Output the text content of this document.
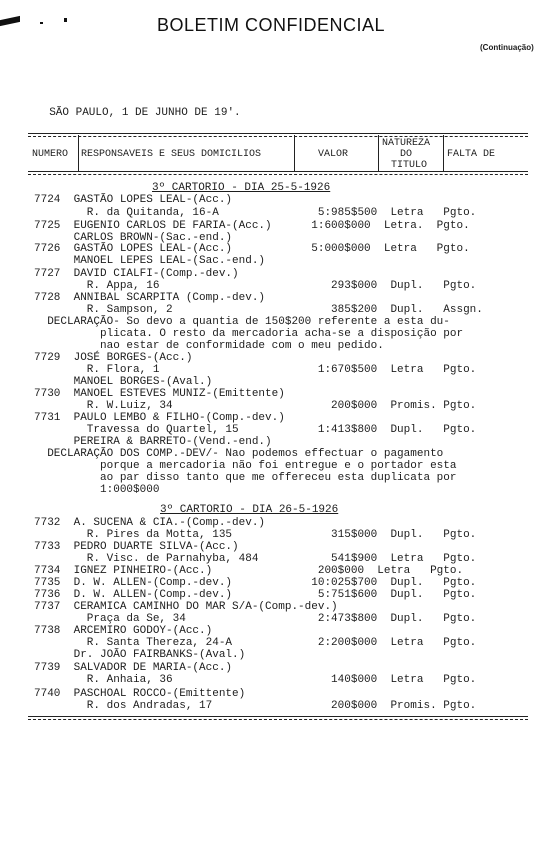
BOLETIM CONFIDENCIAL
(Continuação)

SÃO PAULO, 1 DE JUNHO DE 19'.

NUMERO RESPONSAVEIS E SEUS DOMICILIOS	VALOR
NATUREZA
DO
TITULO
FALTA DE
3º CARTORIO - DIA 25-5-1926
3º CARTORIO - DIA 26-5-1926
7724  GASTÃO LOPES LEAL-(Acc.)
R. da Quitanda, 16-A               5:985$500  Letra   Pgto.
7725  EUGENIO CARLOS DE FARIA-(Acc.)      1:600$000  Letra.  Pgto.
CARLOS BROWN-(Sac.-end.)
7726  GASTÃO LOPES LEAL-(Acc.)            5:000$000  Letra   Pgto.
MANOEL LEPES LEAL-(Sac.-end.)
7727  DAVID CIALFI-(Comp.-dev.)
R. Appa, 16                          293$000  Dupl.   Pgto.
7728  ANNIBAL SCARPITA (Comp.-dev.)
R. Sampson, 2                        385$200  Dupl.   Assgn.
DECLARAÇÃO- So devo a quantia de 150$200 referente a esta du-
plicata. O resto da mercadoria acha-se a disposição por
nao estar de conformidade com o meu pedido.
7729  JOSÉ BORGES-(Acc.)
R. Flora, 1                        1:670$500  Letra   Pgto.
MANOEL BORGES-(Aval.)
7730  MANOEL ESTEVES MUNIZ-(Emittente)
R. W.Luiz, 34                        200$000  Promis. Pgto.
7731  PAULO LEMBO & FILHO-(Comp.-dev.)
Travessa do Quartel, 15            1:413$800  Dupl.   Pgto.
PEREIRA & BARRETO-(Vend.-end.)
DECLARAÇÃO DOS COMP.-DEV/- Nao podemos effectuar o pagamento
porque a mercadoria não foi entregue e o portador esta
ao par disso tanto que me offereceu esta duplicata por
1:000$000
7732  A. SUCENA & CIA.-(Comp.-dev.)
R. Pires da Motta, 135               315$000  Dupl.   Pgto.
7733  PEDRO DUARTE SILVA-(Acc.)
R. Visc. de Parnahyba, 484           541$900  Letra   Pgto.
7734  IGNEZ PINHEIRO-(Acc.)                200$000  Letra   Pgto.
7735  D. W. ALLEN-(Comp.-dev.)            10:025$700  Dupl.   Pgto.
7736  D. W. ALLEN-(Comp.-dev.)             5:751$600  Dupl.   Pgto.
7737  CERAMICA CAMINHO DO MAR S/A-(Comp.-dev.)
Praça da Se, 34                    2:473$800  Dupl.   Pgto.
7738  ARCEMIRO GODOY-(Acc.)
R. Santa Thereza, 24-A             2:200$000  Letra   Pgto.
Dr. JOÃO FAIRBANKS-(Aval.)
7739  SALVADOR DE MARIA-(Acc.)
R. Anhaia, 36                        140$000  Letra   Pgto.
7740  PASCHOAL ROCCO-(Emittente)
R. dos Andradas, 17                  200$000  Promis. Pgto.
